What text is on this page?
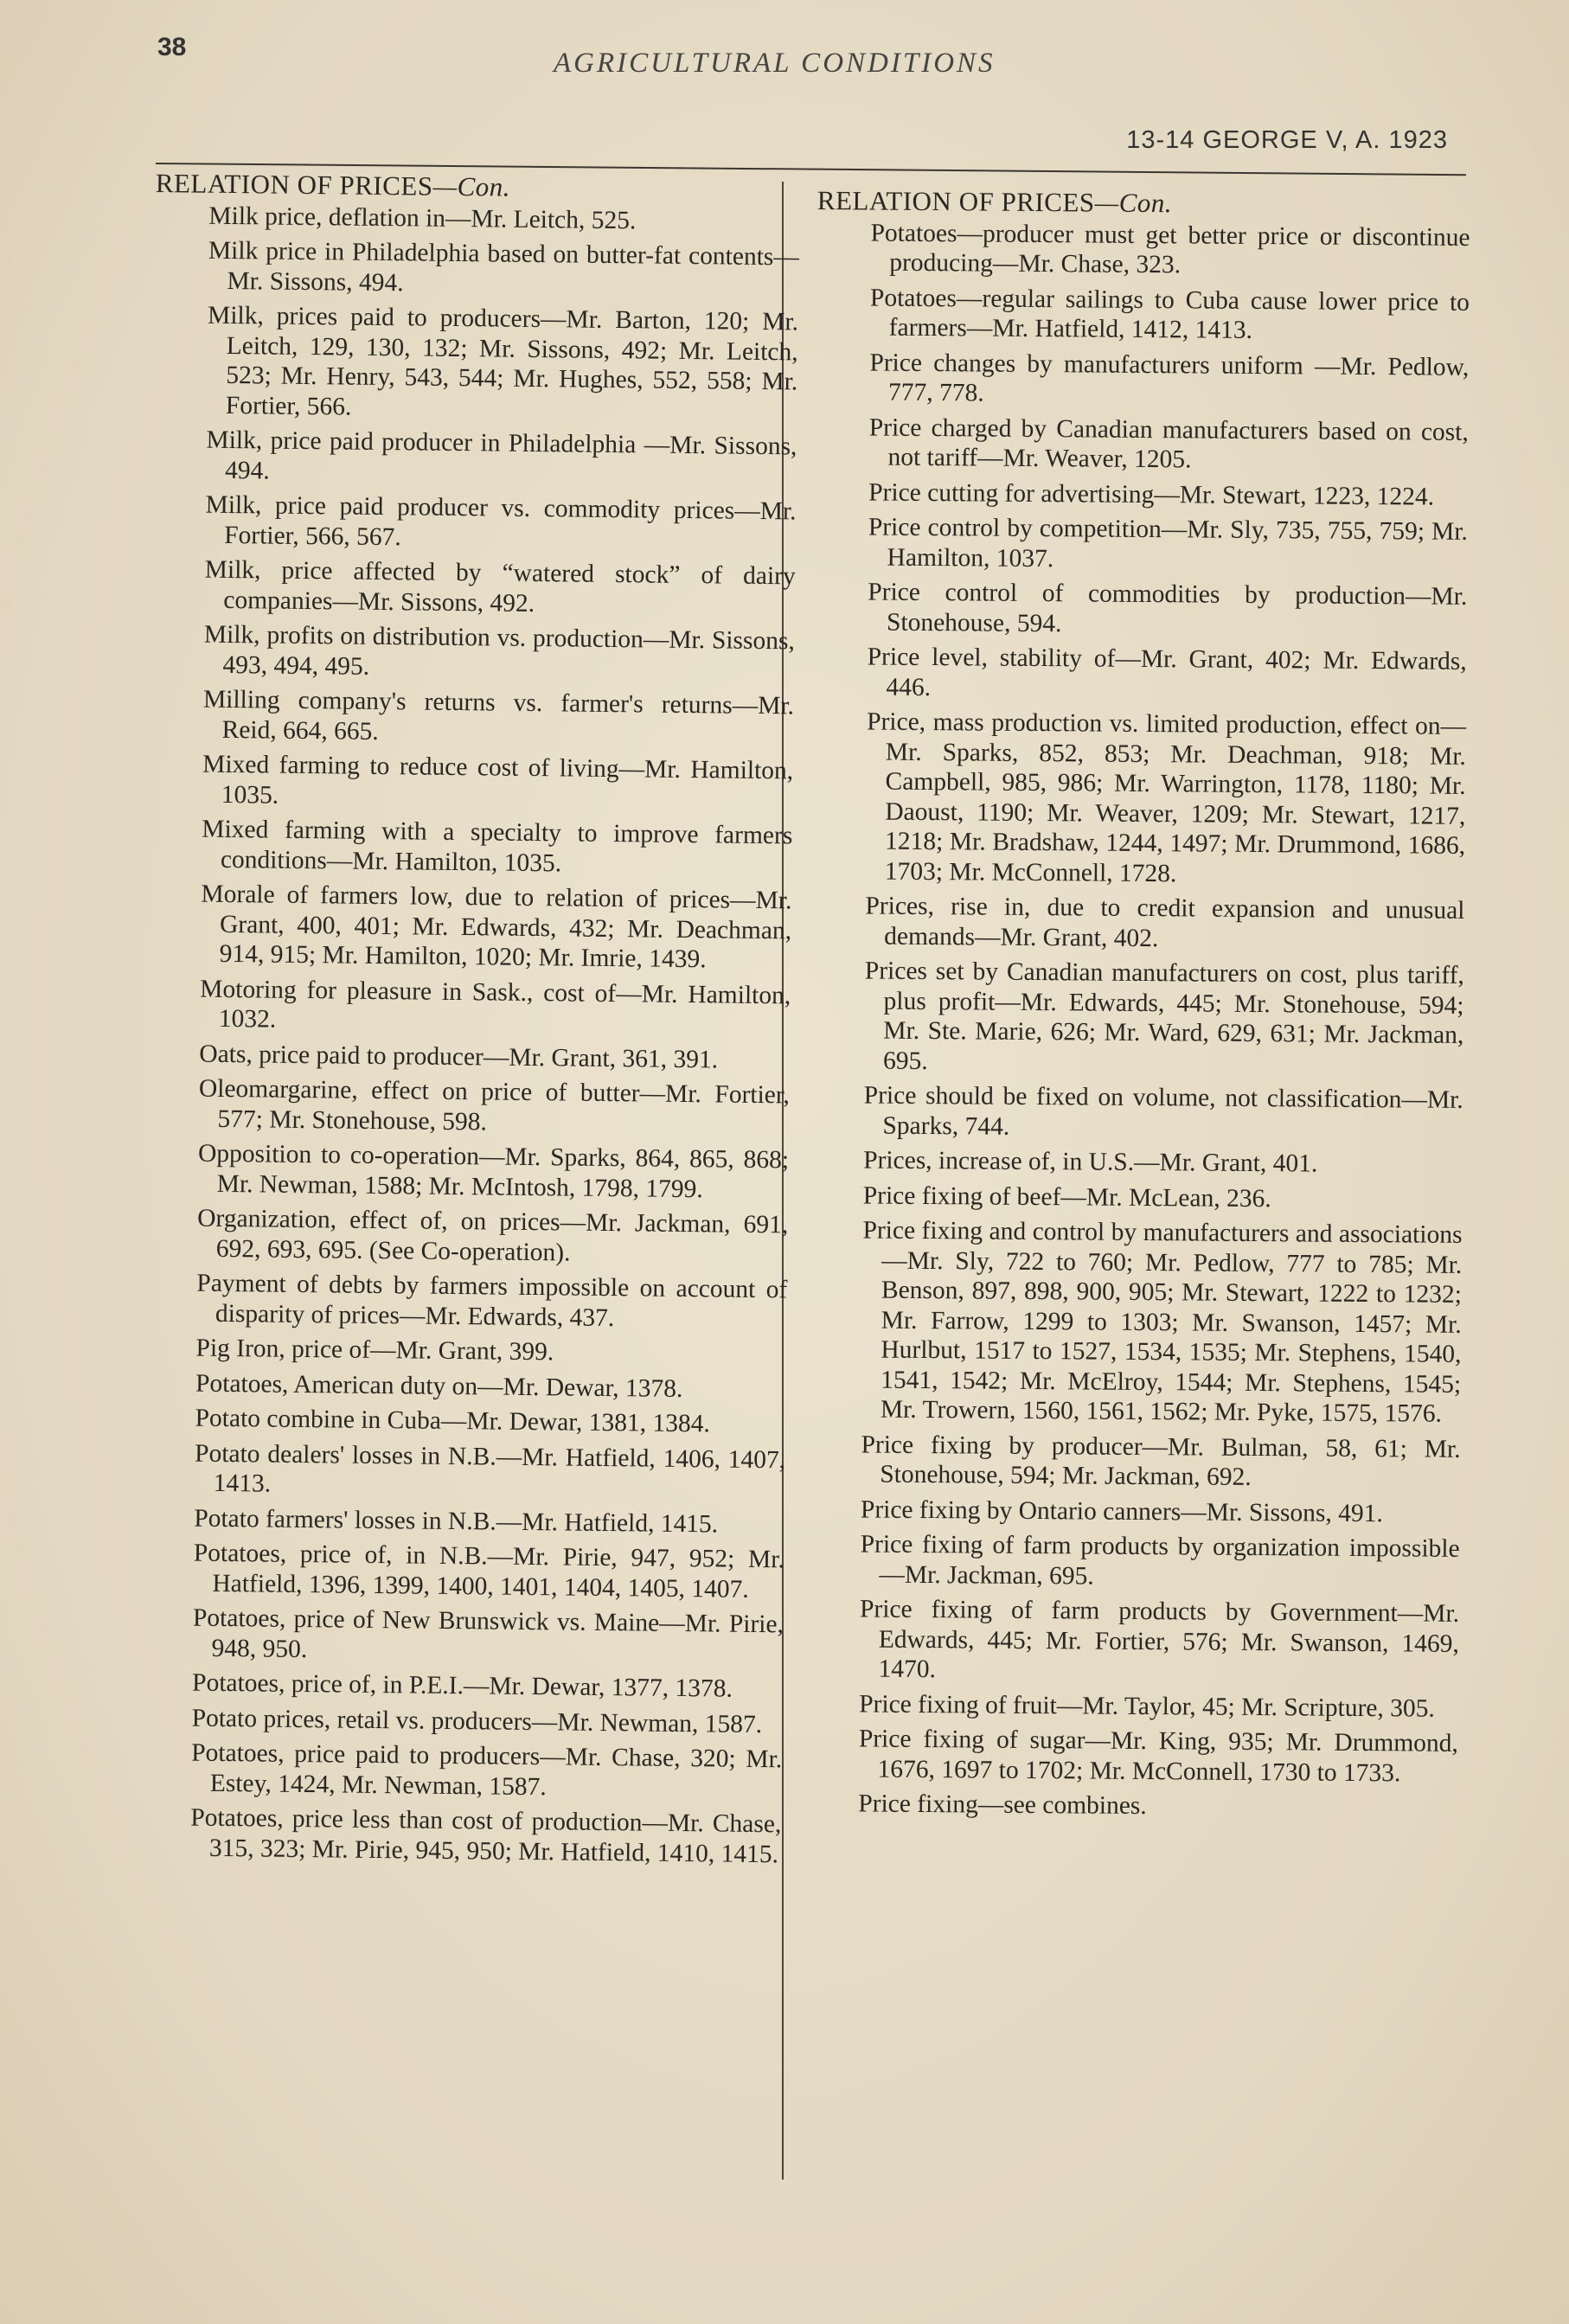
38
AGRICULTURAL CONDITIONS
13-14 GEORGE V, A. 1923
RELATION OF PRICES—Con.
Milk price, deflation in—Mr. Leitch, 525.
Milk price in Philadelphia based on butter-fat contents—Mr. Sissons, 494.
Milk, prices paid to producers—Mr. Barton, 120; Mr. Leitch, 129, 130, 132; Mr. Sissons, 492; Mr. Leitch, 523; Mr. Henry, 543, 544; Mr. Hughes, 552, 558; Mr. Fortier, 566.
Milk, price paid producer in Philadelphia —Mr. Sissons, 494.
Milk, price paid producer vs. commodity prices—Mr. Fortier, 566, 567.
Milk, price affected by “watered stock” of dairy companies—Mr. Sissons, 492.
Milk, profits on distribution vs. production—Mr. Sissons, 493, 494, 495.
Milling company's returns vs. farmer's returns—Mr. Reid, 664, 665.
Mixed farming to reduce cost of living—Mr. Hamilton, 1035.
Mixed farming with a specialty to improve farmers conditions—Mr. Hamilton, 1035.
Morale of farmers low, due to relation of prices—Mr. Grant, 400, 401; Mr. Edwards, 432; Mr. Deachman, 914, 915; Mr. Hamilton, 1020; Mr. Imrie, 1439.
Motoring for pleasure in Sask., cost of—Mr. Hamilton, 1032.
Oats, price paid to producer—Mr. Grant, 361, 391.
Oleomargarine, effect on price of butter—Mr. Fortier, 577; Mr. Stonehouse, 598.
Opposition to co-operation—Mr. Sparks, 864, 865, 868; Mr. Newman, 1588; Mr. McIntosh, 1798, 1799.
Organization, effect of, on prices—Mr. Jackman, 691, 692, 693, 695. (See Co-operation).
Payment of debts by farmers impossible on account of disparity of prices—Mr. Edwards, 437.
Pig Iron, price of—Mr. Grant, 399.
Potatoes, American duty on—Mr. Dewar, 1378.
Potato combine in Cuba—Mr. Dewar, 1381, 1384.
Potato dealers' losses in N.B.—Mr. Hatfield, 1406, 1407, 1413.
Potato farmers' losses in N.B.—Mr. Hatfield, 1415.
Potatoes, price of, in N.B.—Mr. Pirie, 947, 952; Mr. Hatfield, 1396, 1399, 1400, 1401, 1404, 1405, 1407.
Potatoes, price of New Brunswick vs. Maine—Mr. Pirie, 948, 950.
Potatoes, price of, in P.E.I.—Mr. Dewar, 1377, 1378.
Potato prices, retail vs. producers—Mr. Newman, 1587.
Potatoes, price paid to producers—Mr. Chase, 320; Mr. Estey, 1424, Mr. Newman, 1587.
Potatoes, price less than cost of production—Mr. Chase, 315, 323; Mr. Pirie, 945, 950; Mr. Hatfield, 1410, 1415.
RELATION OF PRICES—Con.
Potatoes—producer must get better price or discontinue producing—Mr. Chase, 323.
Potatoes—regular sailings to Cuba cause lower price to farmers—Mr. Hatfield, 1412, 1413.
Price changes by manufacturers uniform —Mr. Pedlow, 777, 778.
Price charged by Canadian manufacturers based on cost, not tariff—Mr. Weaver, 1205.
Price cutting for advertising—Mr. Stewart, 1223, 1224.
Price control by competition—Mr. Sly, 735, 755, 759; Mr. Hamilton, 1037.
Price control of commodities by production—Mr. Stonehouse, 594.
Price level, stability of—Mr. Grant, 402; Mr. Edwards, 446.
Price, mass production vs. limited production, effect on—Mr. Sparks, 852, 853; Mr. Deachman, 918; Mr. Campbell, 985, 986; Mr. Warrington, 1178, 1180; Mr. Daoust, 1190; Mr. Weaver, 1209; Mr. Stewart, 1217, 1218; Mr. Bradshaw, 1244, 1497; Mr. Drummond, 1686, 1703; Mr. McConnell, 1728.
Prices, rise in, due to credit expansion and unusual demands—Mr. Grant, 402.
Prices set by Canadian manufacturers on cost, plus tariff, plus profit—Mr. Edwards, 445; Mr. Stonehouse, 594; Mr. Ste. Marie, 626; Mr. Ward, 629, 631; Mr. Jackman, 695.
Price should be fixed on volume, not classification—Mr. Sparks, 744.
Prices, increase of, in U.S.—Mr. Grant, 401.
Price fixing of beef—Mr. McLean, 236.
Price fixing and control by manufacturers and associations—Mr. Sly, 722 to 760; Mr. Pedlow, 777 to 785; Mr. Benson, 897, 898, 900, 905; Mr. Stewart, 1222 to 1232; Mr. Farrow, 1299 to 1303; Mr. Swanson, 1457; Mr. Hurlbut, 1517 to 1527, 1534, 1535; Mr. Stephens, 1540, 1541, 1542; Mr. McElroy, 1544; Mr. Stephens, 1545; Mr. Trowern, 1560, 1561, 1562; Mr. Pyke, 1575, 1576.
Price fixing by producer—Mr. Bulman, 58, 61; Mr. Stonehouse, 594; Mr. Jackman, 692.
Price fixing by Ontario canners—Mr. Sissons, 491.
Price fixing of farm products by organization impossible—Mr. Jackman, 695.
Price fixing of farm products by Government—Mr. Edwards, 445; Mr. Fortier, 576; Mr. Swanson, 1469, 1470.
Price fixing of fruit—Mr. Taylor, 45; Mr. Scripture, 305.
Price fixing of sugar—Mr. King, 935; Mr. Drummond, 1676, 1697 to 1702; Mr. McConnell, 1730 to 1733.
Price fixing—see combines.
